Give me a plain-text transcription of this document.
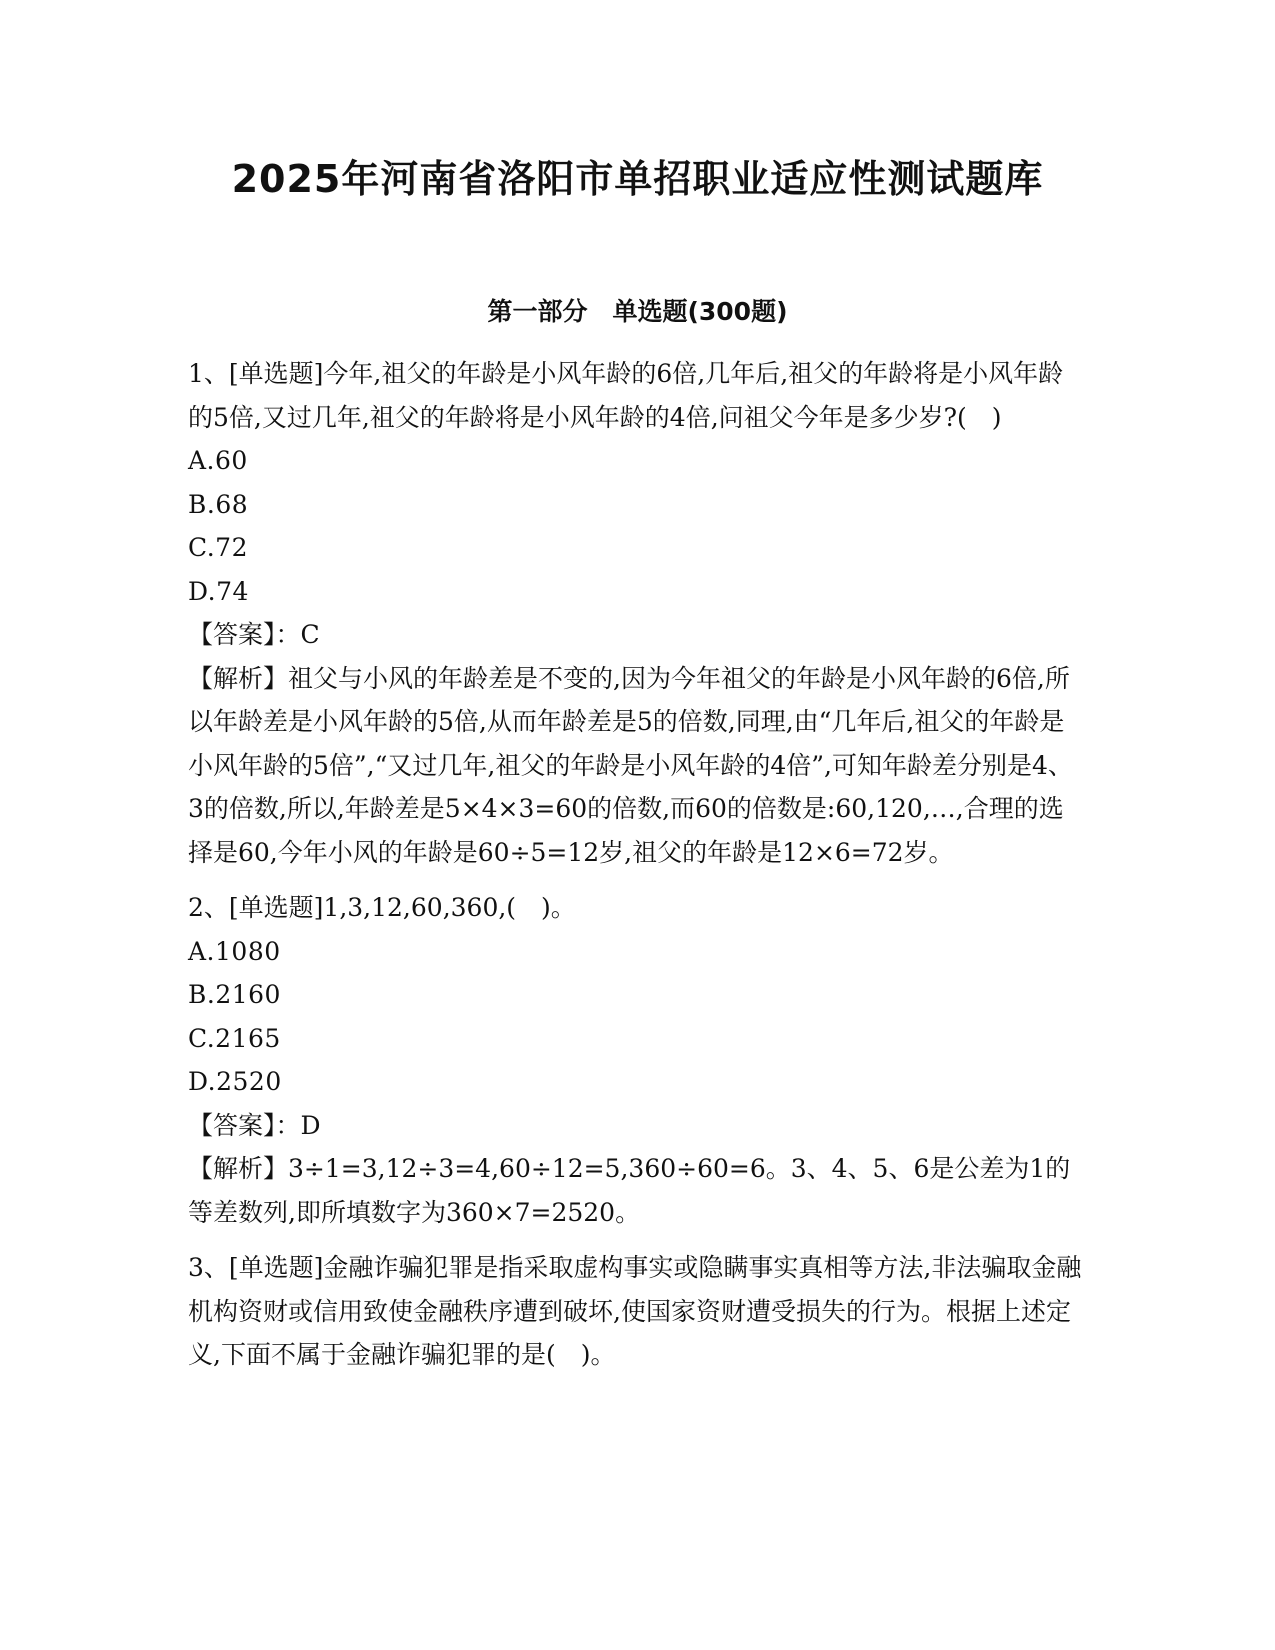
2025年河南省洛阳市单招职业适应性测试题库
第一部分　单选题(300题)

1、[单选题]今年,祖父的年龄是小风年龄的6倍,几年后,祖父的年龄将是小风年龄的5倍,又过几年,祖父的年龄将是小风年龄的4倍,问祖父今年是多少岁?(　)

A.60

B.68

C.72

D.74

【答案】：C

【解析】祖父与小风的年龄差是不变的,因为今年祖父的年龄是小风年龄的6倍,所以年龄差是小风年龄的5倍,从而年龄差是5的倍数,同理,由“几年后,祖父的年龄是小风年龄的5倍”,“又过几年,祖父的年龄是小风年龄的4倍”,可知年龄差分别是4、3的倍数,所以,年龄差是5×4×3=60的倍数,而60的倍数是:60,120,…,合理的选择是60,今年小风的年龄是60÷5=12岁,祖父的年龄是12×6=72岁。

2、[单选题]1,3,12,60,360,(　)。

A.1080

B.2160

C.2165

D.2520

【答案】：D

【解析】3÷1=3,12÷3=4,60÷12=5,360÷60=6。3、4、5、6是公差为1的等差数列,即所填数字为360×7=2520。

3、[单选题]金融诈骗犯罪是指采取虚构事实或隐瞒事实真相等方法,非法骗取金融机构资财或信用致使金融秩序遭到破坏,使国家资财遭受损失的行为。根据上述定义,下面不属于金融诈骗犯罪的是(　)。
